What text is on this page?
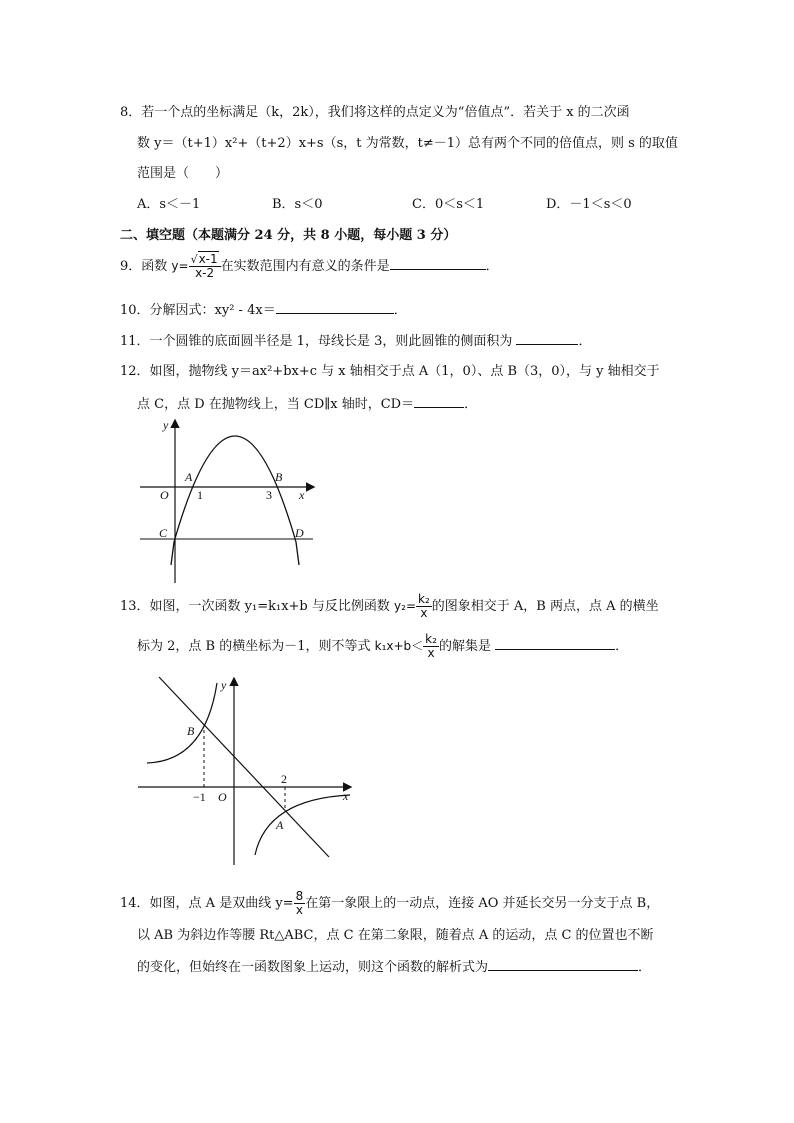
8．若一个点的坐标满足（k，2k），我们将这样的点定义为“倍值点”．若关于 x 的二次函
数 y＝（t+1）x²+（t+2）x+s（s，t 为常数，t≠－1）总有两个不同的倍值点，则 s 的取值
范围是（　　）
A．s＜－1	B．s＜0	C．0＜s＜1	D．－1＜s＜0
二、填空题（本题满分 24 分，共 8 小题，每小题 3 分）
9．函数 $y= \frac{√x-1}{x-2}$ 在实数范围内有意义的条件是	．
10．分解因式：xy² - 4x＝	．
11．一个圆锥的底面圆半径是 1，母线长是 3，则此圆锥的侧面积为	．
12．如图，抛物线 y＝ax²+bx+c 与 x 轴相交于点 A（1，0）、点 B（3，0），与 y 轴相交于
点 C，点 D 在抛物线上，当 CD∥x 轴时，CD＝	．
y
x
O
A	B
1	3
C	D
13．如图，一次函数 y₁=k₁x+b 与反比例函数 $y_2= \frac{\text{k₂}}{x}$ 的图象相交于 A，B 两点，点 A 的横坐
标为 2，点 B 的横坐标为－1，则不等式 $k_1x+b< \frac{\text{k₂}}{x}$ 的解集是	．
y
x
O
B
A
2
−1
14．如图，点 A 是双曲线 $y= \frac{8}{x}$ 在第一象限上的一动点，连接 AO 并延长交另一分支于点 B，
以 AB 为斜边作等腰 Rt△ABC，点 C 在第二象限，随着点 A 的运动，点 C 的位置也不断
的变化，但始终在一函数图象上运动，则这个函数的解析式为	．
